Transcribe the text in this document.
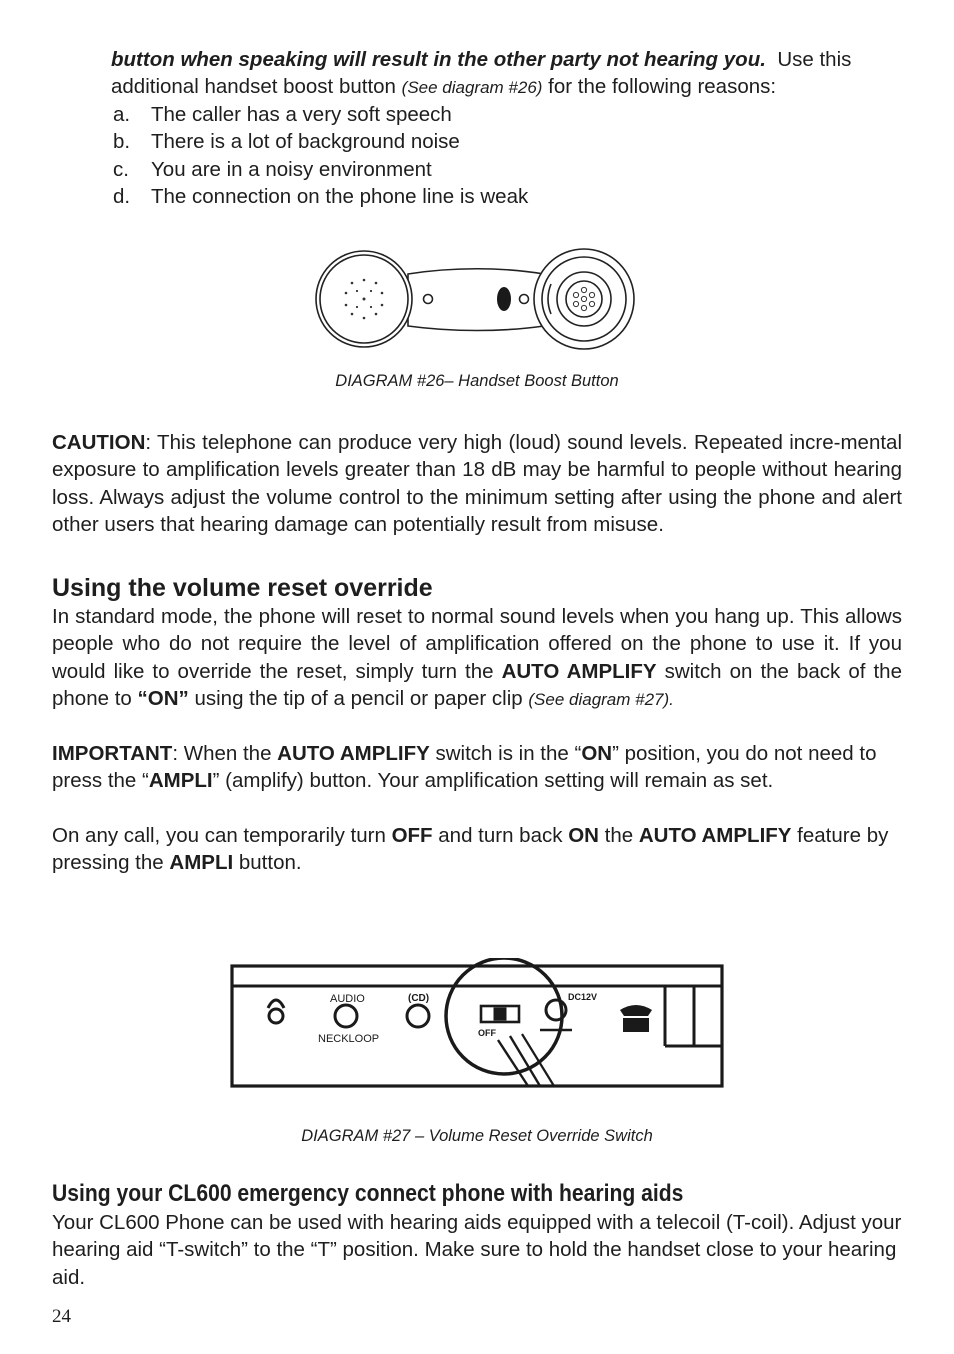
button when speaking will result in the other party not hearing you. Use this additional handset boost button (See diagram #26) for the following reasons:
a. The caller has a very soft speech
b. There is a lot of background noise
c. You are in a noisy environment
d. The connection on the phone line is weak
DIAGRAM #26– Handset Boost Button
CAUTION: This telephone can produce very high (loud) sound levels. Repeated incre-mental exposure to amplification levels greater than 18 dB may be harmful to people without hearing loss. Always adjust the volume control to the minimum setting after using the phone and alert other users that hearing damage can potentially result from misuse.
Using the volume reset override
In standard mode, the phone will reset to normal sound levels when you hang up. This allows people who do not require the level of amplification offered on the phone to use it. If you would like to override the reset, simply turn the AUTO AMPLIFY switch on the back of the phone to “ON” using the tip of a pencil or paper clip (See diagram #27).
IMPORTANT: When the AUTO AMPLIFY switch is in the “ON” position, you do not need to press the “AMPLI” (amplify) button. Your amplification setting will remain as set.
On any call, you can temporarily turn OFF and turn back ON the AUTO AMPLIFY feature by pressing the AMPLI button.
AUDIO
NECKLOOP
(CD)
OFF
DC12V
DIAGRAM #27 – Volume Reset Override Switch
Using your CL600 emergency connect phone with hearing aids
Your CL600 Phone can be used with hearing aids equipped with a telecoil (T-coil). Adjust your hearing aid “T-switch” to the “T” position. Make sure to hold the handset close to your hearing aid.
24
